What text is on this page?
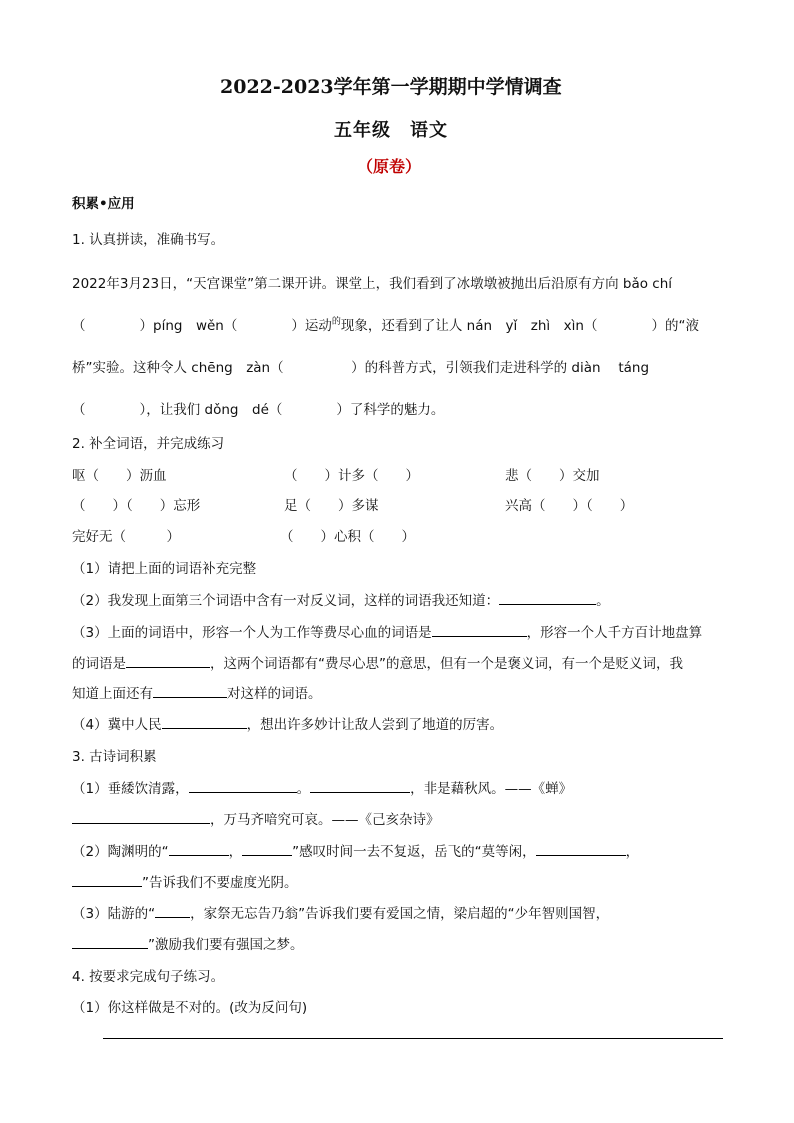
2022-2023学年第一学期期中学情调查
五年级　语文
（原卷）
积累•应用
1. 认真拼读，准确书写。
2022年3月23日，“天宫课堂”第二课开讲。课堂上，我们看到了冰墩墩被抛出后沿原有方向 bǎo chí
（　　　　）píng　wěn（　　　　）运动$^的$现象，还看到了让人 nán　yǐ　zhì　xìn（　　　　）的“液
桥”实验。这种令人 chēng　zàn（　　　　　）的科普方式，引领我们走进科学的 diàn　 táng
（　　　　），让我们 dǒng　dé（　　　　）了科学的魅力。
2. 补全词语，并完成练习
呕（　　）沥血	（　　）计多（　　）	悲（　　）交加
（　　）（　　）忘形	足（　　）多谋	兴高（　　）（　　）
完好无（　　　）	（　　）心积（　　）
（1）请把上面的词语补充完整
（2）我发现上面第三个词语中含有一对反义词，这样的词语我还知道：	。
（3）上面的词语中，形容一个人为工作等费尽心血的词语是	，形容一个人千方百计地盘算
的词语是	，这两个词语都有“费尽心思”的意思，但有一个是褒义词，有一个是贬义词，我
知道上面还有	对这样的词语。
（4）冀中人民	，想出许多妙计让敌人尝到了地道的厉害。
3. 古诗词积累
（1）垂緌饮清露，	。	，非是藉秋风。——《蝉》
，万马齐喑究可哀。——《己亥杂诗》
（2）陶渊明的“	，	”感叹时间一去不复返，岳飞的“莫等闲，	，
”告诉我们不要虚度光阴。
（3）陆游的“	，家祭无忘告乃翁”告诉我们要有爱国之情，梁启超的“少年智则国智，
”激励我们要有强国之梦。
4. 按要求完成句子练习。
（1）你这样做是不对的。(改为反问句)
